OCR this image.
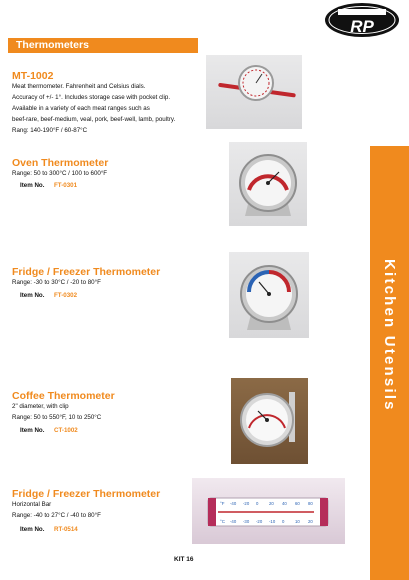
RP
Thermometers
Kitchen Utensils
MT-1002
Meat thermometer. Fahrenheit and Celsius dials.
Accuracy of +/- 1°. Includes storage case with pocket clip.
Available in a variety of each meat ranges such as
beef-rare, beef-medium, veal, pork, beef-well, lamb, poultry.
Rang: 140-190°F / 60-87°C
Oven Thermometer
Range: 50 to 300°C / 100 to 600°F
Item No. FT-0301
Fridge / Freezer Thermometer
Range: -30 to 30°C / -20 to 80°F
Item No. FT-0302
Coffee Thermometer
2" diameter, with clip
Range: 50 to 550°F, 10 to 250°C
Item No. CT-1002
Fridge / Freezer Thermometer
Horizontal Bar
Range: -40 to 27°C / -40 to 80°F
Item No. RT-0514
°F
°C
-40 -20 0 20 40 60 80
-40 -30 -20 -10 0 10 20
KIT 16
